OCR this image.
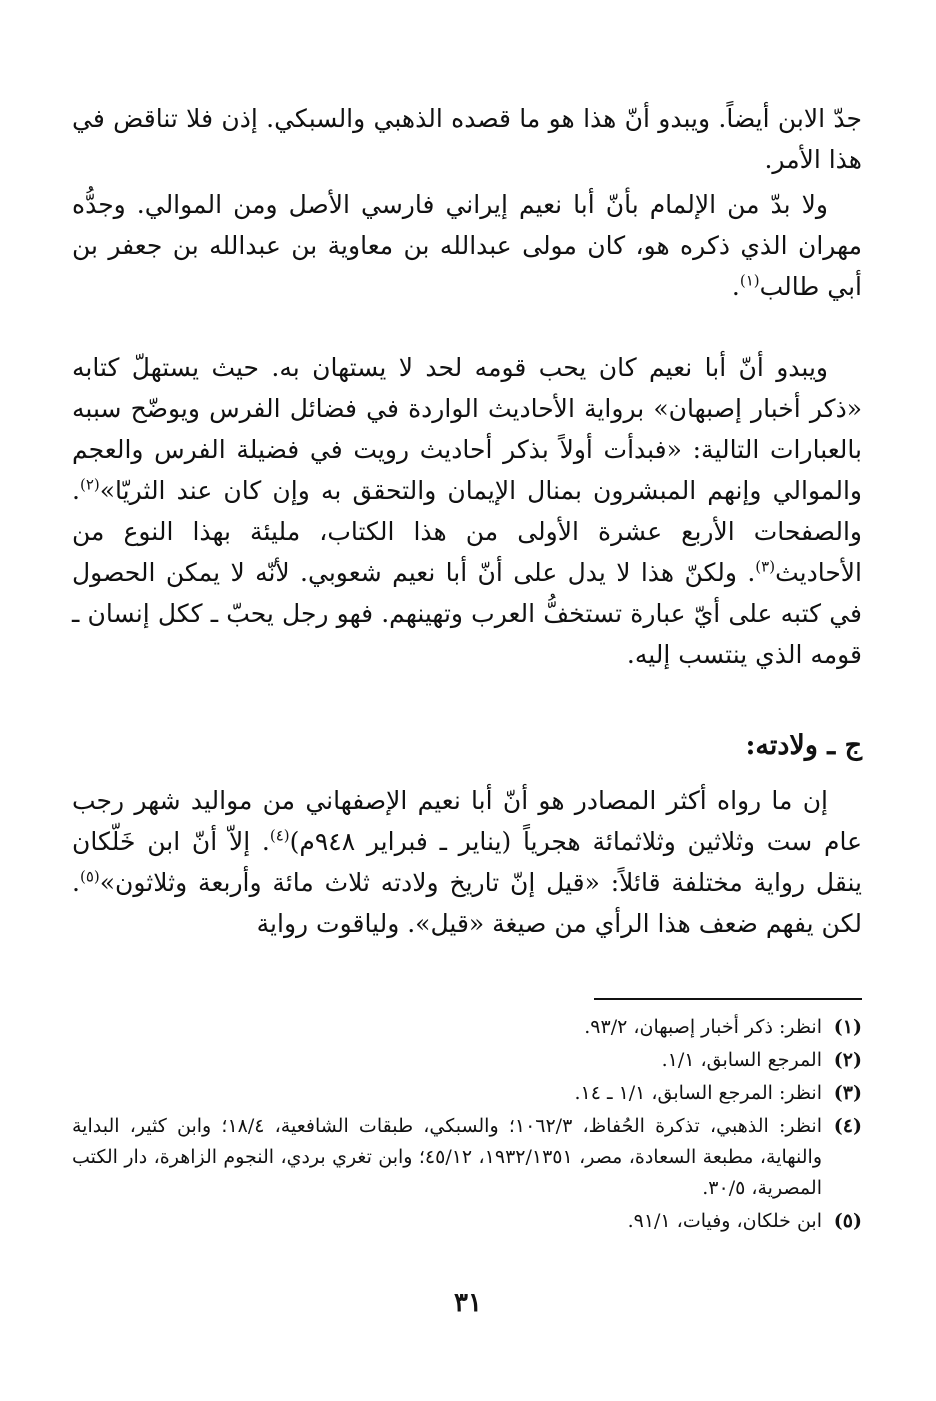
جدّ الابن أيضاً. ويبدو أنّ هذا هو ما قصده الذهبي والسبكي. إذن فلا تناقض في هذا الأمر.

ولا بدّ من الإلمام بأنّ أبا نعيم إيراني فارسي الأصل ومن الموالي. وجدُّه مهران الذي ذكره هو، كان مولى عبدالله بن معاوية بن عبدالله بن جعفر بن أبي طالب$^{(١)}$.

ويبدو أنّ أبا نعيم كان يحب قومه لحد لا يستهان به. حيث يستهلّ كتابه «ذكر أخبار إصبهان» برواية الأحاديث الواردة في فضائل الفرس ويوضّح سببه بالعبارات التالية: «فبدأت أولاً بذكر أحاديث رويت في فضيلة الفرس والعجم والموالي وإنهم المبشرون بمنال الإيمان والتحقق به وإن كان عند الثريّا»$^{(٢)}$. والصفحات الأربع عشرة الأولى من هذا الكتاب، مليئة بهذا النوع من الأحاديث$^{(٣)}$. ولكنّ هذا لا يدل على أنّ أبا نعيم شعوبي. لأنّه لا يمكن الحصول في كتبه على أيّ عبارة تستخفُّ العرب وتهينهم. فهو رجل يحبّ ـ ككل إنسان ـ قومه الذي ينتسب إليه.

ج ـ ولادته:

إن ما رواه أكثر المصادر هو أنّ أبا نعيم الإصفهاني من مواليد شهر رجب عام ست وثلاثين وثلاثمائة هجرياً (يناير ـ فبراير ٩٤٨م)$^{(٤)}$. إلاّ أنّ ابن خَلّكان ينقل رواية مختلفة قائلاً: «قيل إنّ تاريخ ولادته ثلاث مائة وأربعة وثلاثون»$^{(٥)}$. لكن يفهم ضعف هذا الرأي من صيغة «قيل». ولياقوت رواية

(١)
انظر: ذكر أخبار إصبهان، ٩٣/٢.
(٢)
المرجع السابق، ١/١.
(٣)
انظر: المرجع السابق، ١/١ ـ ١٤.
(٤)
انظر: الذهبي، تذكرة الحُفاظ، ١٠٦٢/٣؛ والسبكي، طبقات الشافعية، ١٨/٤؛ وابن كثير، البداية والنهاية، مطبعة السعادة، مصر، ١٩٣٢/١٣٥١، ٤٥/١٢؛ وابن تغري بردي، النجوم الزاهرة، دار الكتب المصرية، ٣٠/٥.
(٥)
ابن خلكان، وفيات، ٩١/١.
٣١
